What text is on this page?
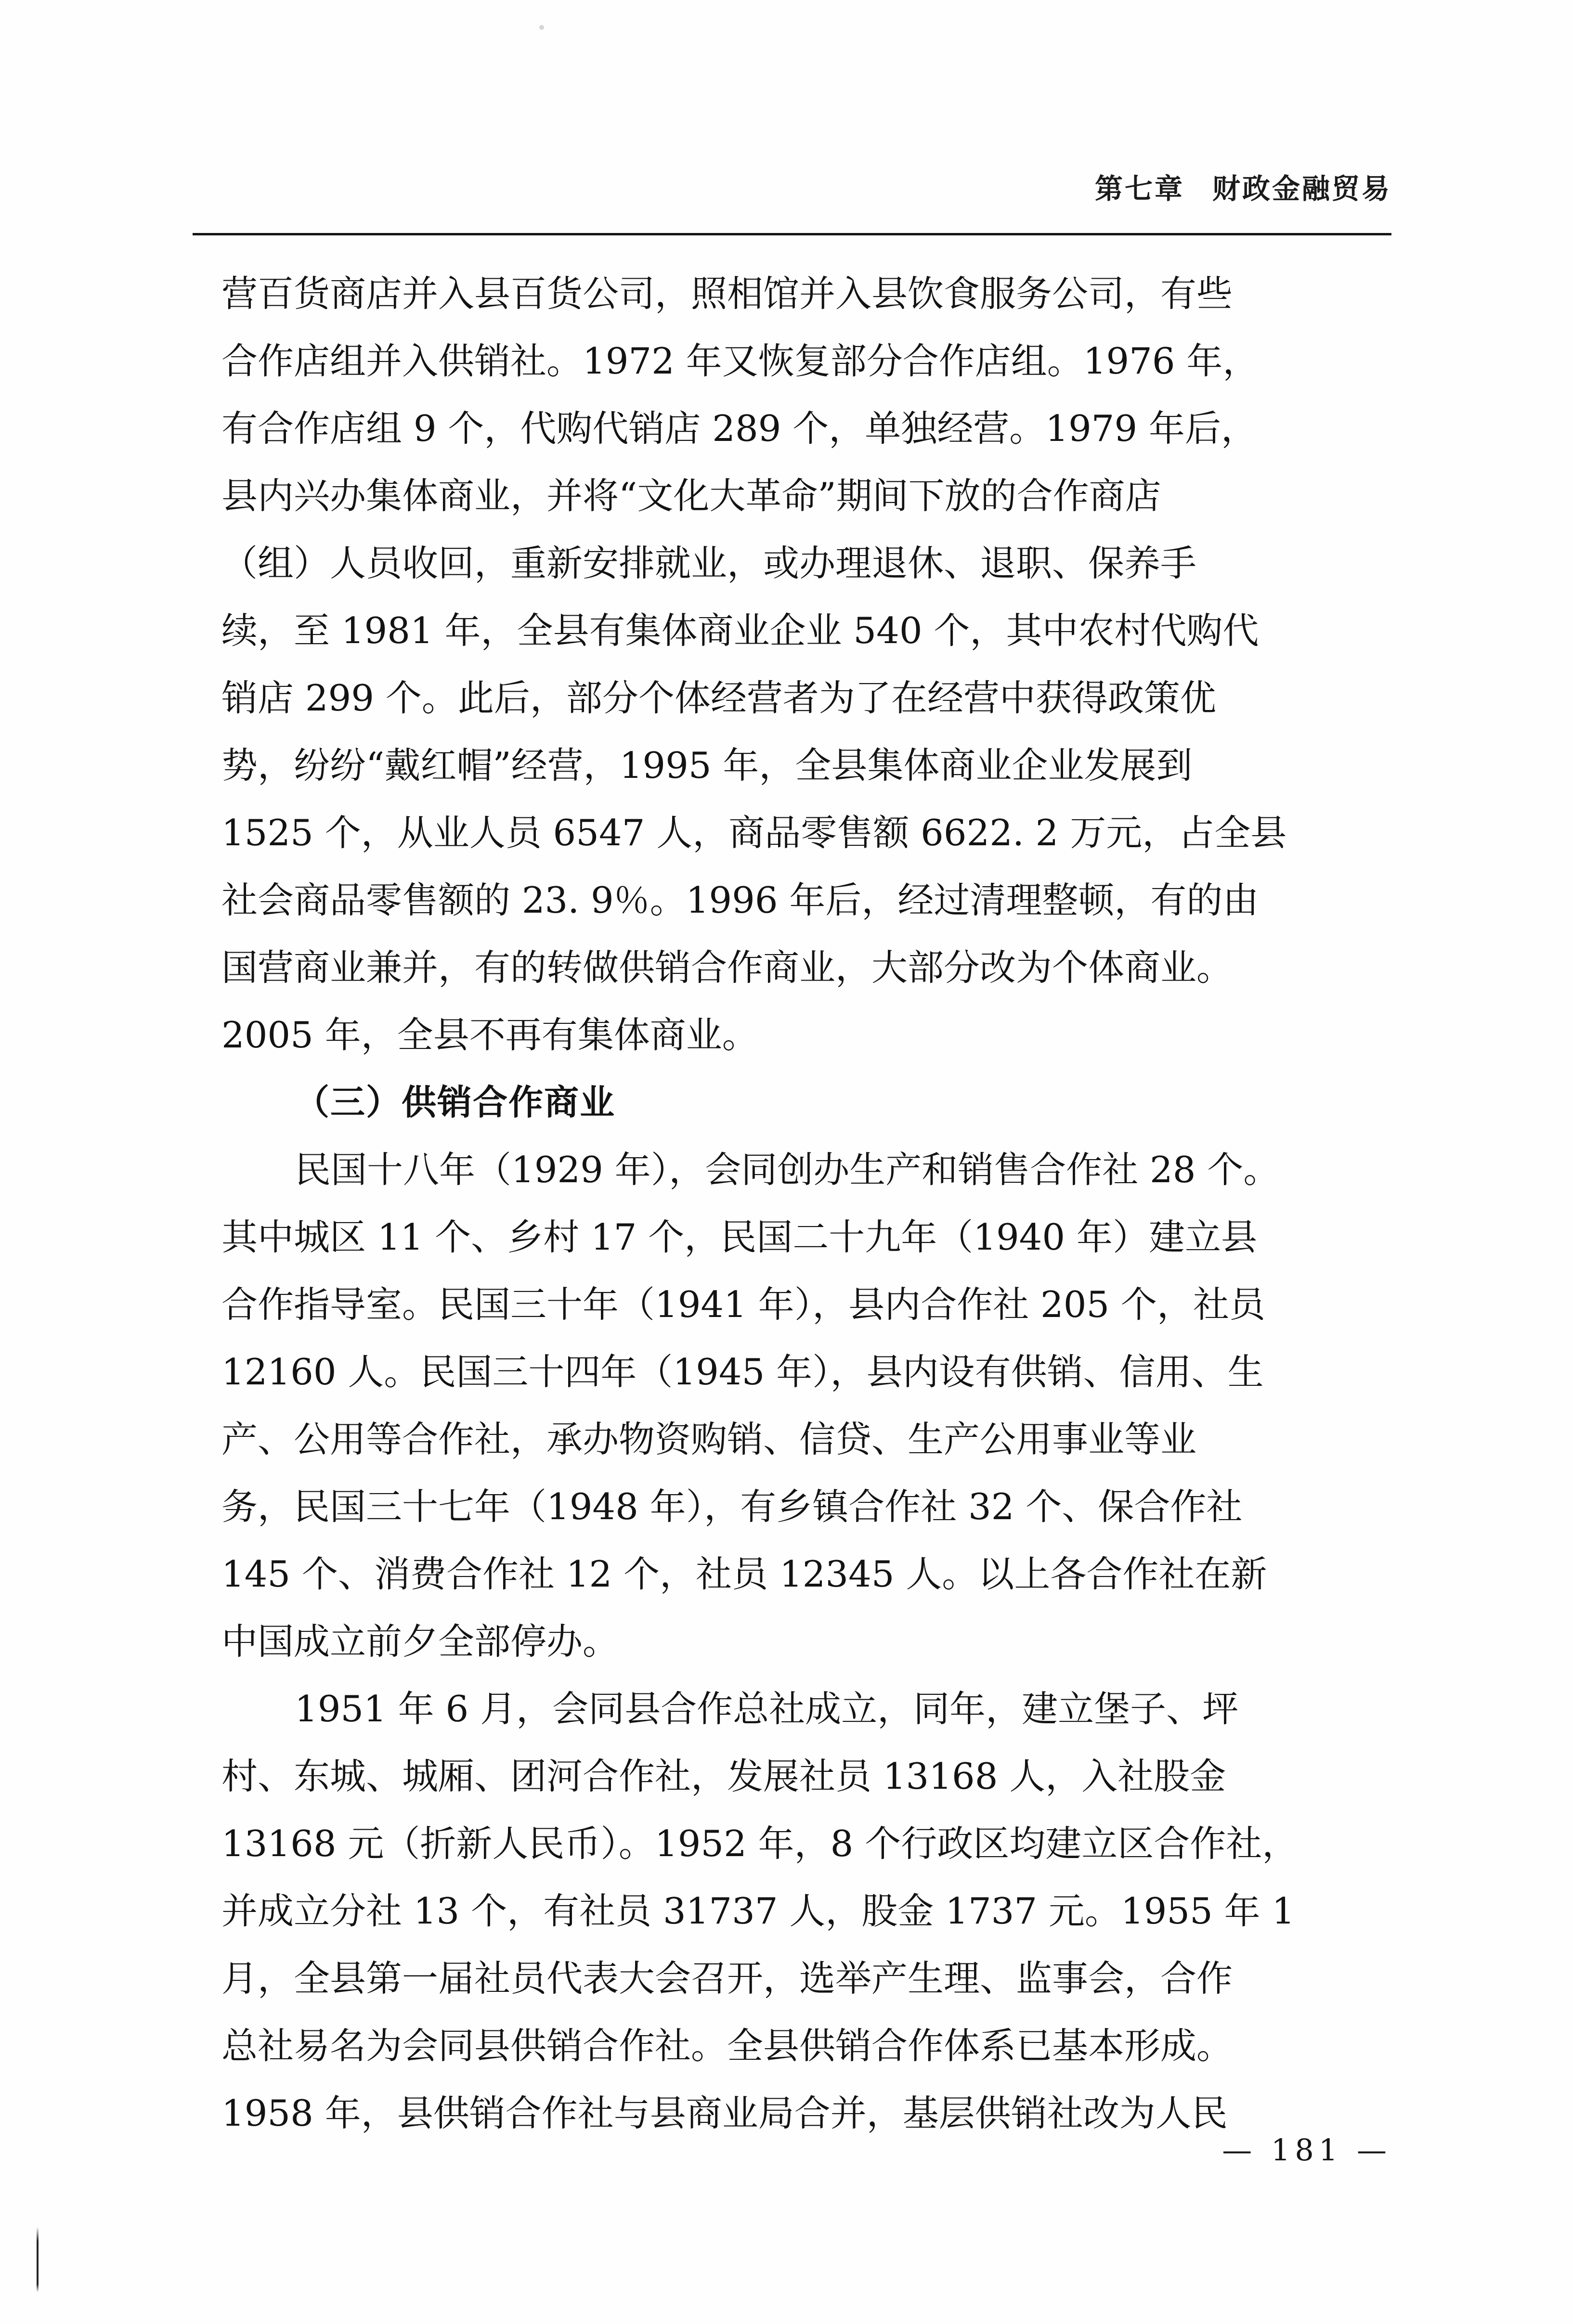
第七章 财政金融贸易
营百货商店并入县百货公司，照相馆并入县饮食服务公司，有些
合作店组并入供销社。1972 年又恢复部分合作店组。1976 年，
有合作店组 9 个，代购代销店 289 个，单独经营。1979 年后，
县内兴办集体商业，并将“文化大革命”期间下放的合作商店
（组）人员收回，重新安排就业，或办理退休、退职、保养手
续，至 1981 年，全县有集体商业企业 540 个，其中农村代购代
销店 299 个。此后，部分个体经营者为了在经营中获得政策优
势，纷纷“戴红帽”经营，1995 年，全县集体商业企业发展到
1525 个，从业人员 6547 人，商品零售额 6622. 2 万元，占全县
社会商品零售额的 23. 9％。1996 年后，经过清理整顿，有的由
国营商业兼并，有的转做供销合作商业，大部分改为个体商业。
2005 年，全县不再有集体商业。
（三）供销合作商业
民国十八年（1929 年），会同创办生产和销售合作社 28 个。
其中城区 11 个、乡村 17 个，民国二十九年（1940 年）建立县
合作指导室。民国三十年（1941 年），县内合作社 205 个，社员
12160 人。民国三十四年（1945 年），县内设有供销、信用、生
产、公用等合作社，承办物资购销、信贷、生产公用事业等业
务，民国三十七年（1948 年），有乡镇合作社 32 个、保合作社
145 个、消费合作社 12 个，社员 12345 人。以上各合作社在新
中国成立前夕全部停办。
1951 年 6 月，会同县合作总社成立，同年，建立堡子、坪
村、东城、城厢、团河合作社，发展社员 13168 人，入社股金
13168 元（折新人民币）。1952 年，8 个行政区均建立区合作社，
并成立分社 13 个，有社员 31737 人，股金 1737 元。1955 年 1
月，全县第一届社员代表大会召开，选举产生理、监事会，合作
总社易名为会同县供销合作社。全县供销合作体系已基本形成。
1958 年，县供销合作社与县商业局合并，基层供销社改为人民
— 181 —
